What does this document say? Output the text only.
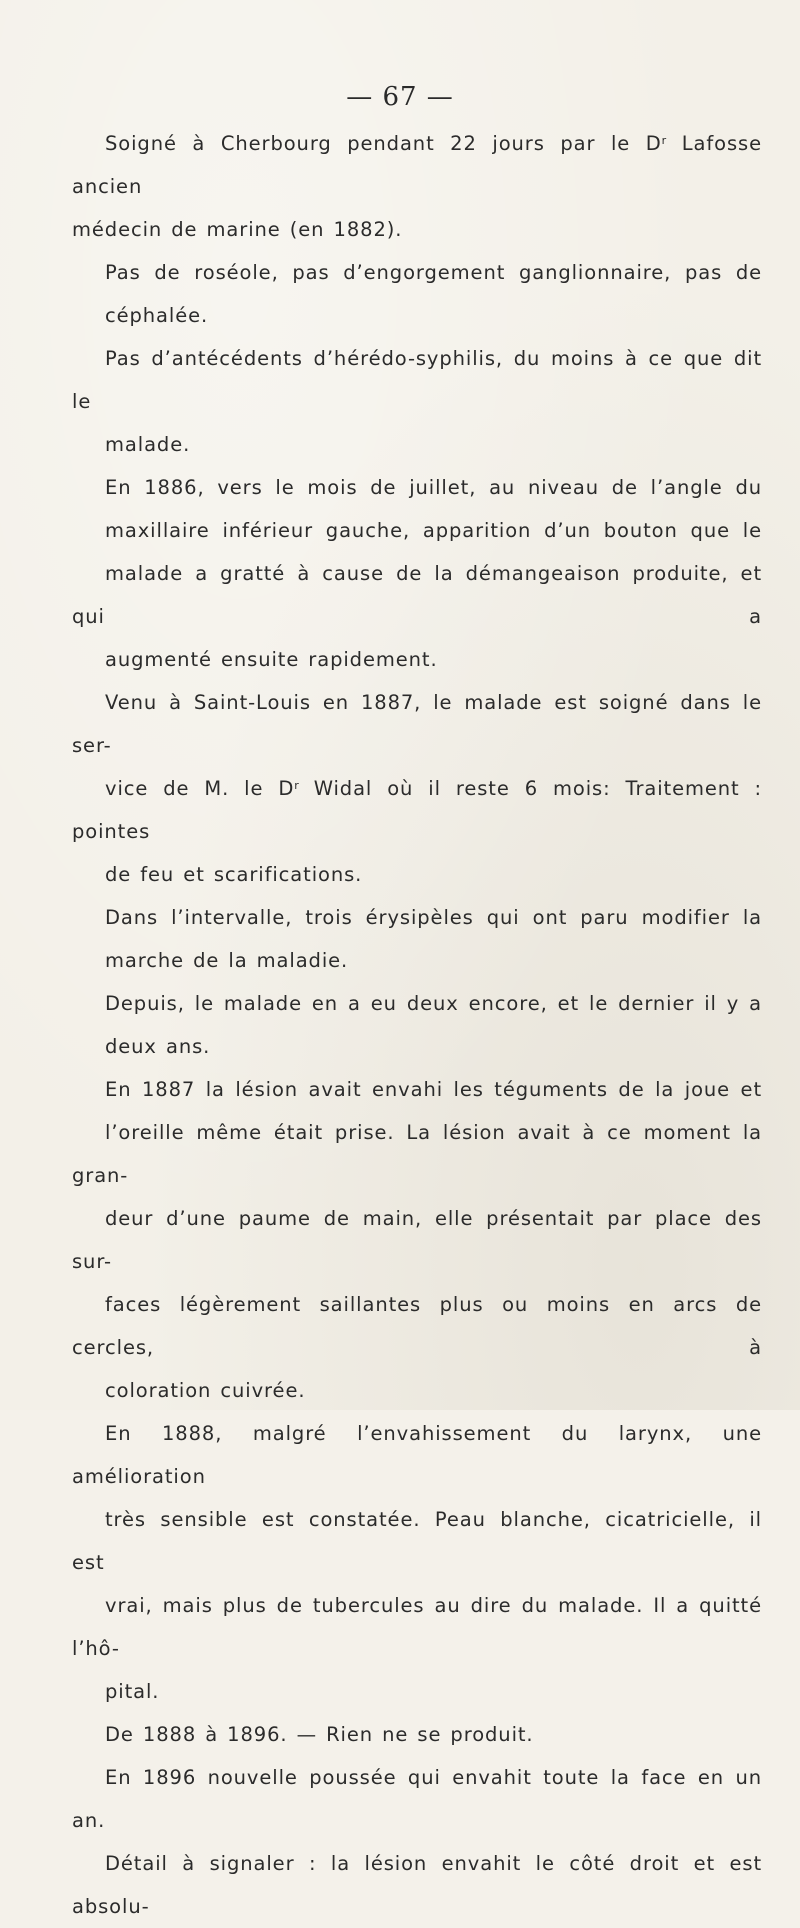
— 67 —

Soigné à Cherbourg pendant 22 jours par le $D^r$ Lafosse ancien
médecin de marine (en 1882).

Pas de roséole, pas d’engorgement ganglionnaire, pas de
céphalée.

Pas d’antécédents d’hérédo-syphilis, du moins à ce que dit le
malade.

En 1886, vers le mois de juillet, au niveau de l’angle du
maxillaire inférieur gauche, apparition d’un bouton que le
malade a gratté à cause de la démangeaison produite, et qui a
augmenté ensuite rapidement.

Venu à Saint-Louis en 1887, le malade est soigné dans le ser-
vice de M. le $D^r$ Widal où il reste 6 mois: Traitement : pointes
de feu et scarifications.

Dans l’intervalle, trois érysipèles qui ont paru modifier la
marche de la maladie.

Depuis, le malade en a eu deux encore, et le dernier il y a
deux ans.

En 1887 la lésion avait envahi les téguments de la joue et
l’oreille même était prise. La lésion avait à ce moment la gran-
deur d’une paume de main, elle présentait par place des sur-
faces légèrement saillantes plus ou moins en arcs de cercles, à
coloration cuivrée.

En 1888, malgré l’envahissement du larynx, une amélioration
très sensible est constatée. Peau blanche, cicatricielle, il est
vrai, mais plus de tubercules au dire du malade. Il a quitté l’hô-
pital.

De 1888 à 1896. — Rien ne se produit.

En 1896 nouvelle poussée qui envahit toute la face en un an.

Détail à signaler : la lésion envahit le côté droit et est absolu-
